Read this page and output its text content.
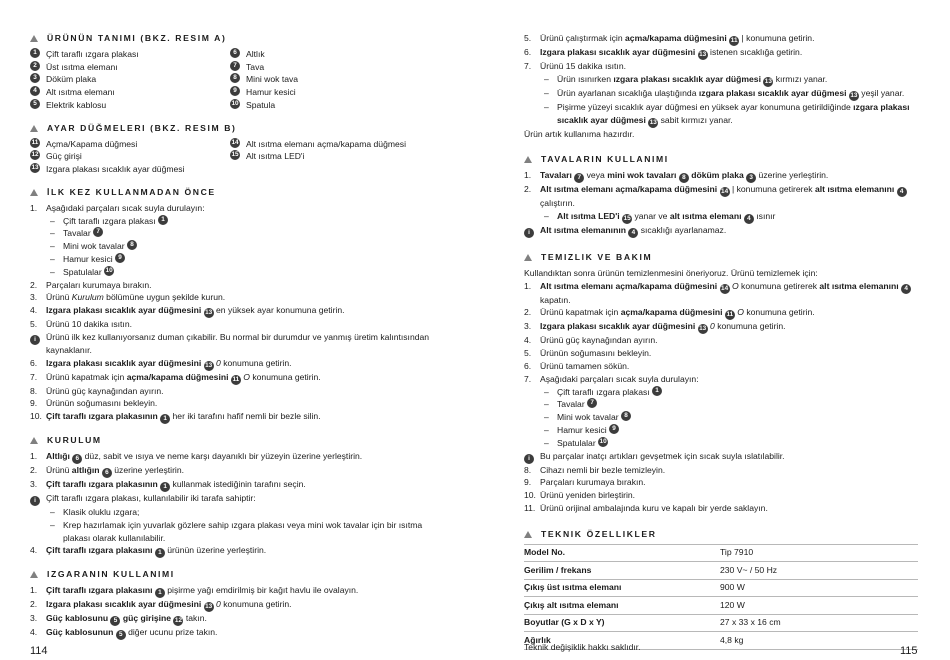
ÜRÜNÜN TANIMI (BKZ. RESIM A)
1	Çift taraflı ızgara plakası
2	Üst ısıtma elemanı
3	Döküm plaka
4	Alt ısıtma elemanı
5	Elektrik kablosu
6	Altlık
7	Tava
8	Mini wok tava
9	Hamur kesici
10 Spatula
AYAR DÜĞMELERI (BKZ. RESIM B)
11 Açma/Kapama düğmesi
12 Güç girişi
13 Izgara plakası sıcaklık ayar düğmesi
14 Alt ısıtma elemanı açma/kapama düğmesi
15 Alt ısıtma LED'i
İLK KEZ KULLANMADAN ÖNCE
1.	Aşağıdaki parçaları sıcak suyla durulayın:
– Çift taraflı ızgara plakası
1
– Tavalar
7
– Mini wok tavalar
8
– Hamur kesici
9
– Spatulalar
10
2.	Parçaları kurumaya bırakın.
3.	Ürünü Kurulum bölümüne uygun şekilde kurun.
4.	Izgara plakası sıcaklık ayar düğmesini 13 en yüksek ayar konumuna getirin.
5.	Ürünü 10 dakika ısıtın.
i	Ürünü ilk kez kullanıyorsanız duman çıkabilir. Bu normal bir durumdur ve yanmış üretim kalıntısından kaynaklanır.
6.	Izgara plakası sıcaklık ayar düğmesini 13 0 konumuna getirin.
7.	Ürünü kapatmak için açma/kapama düğmesini 11 O konumuna getirin.
8.	Ürünü güç kaynağından ayırın.
9.	Ürünün soğumasını bekleyin.
10. Çift taraflı ızgara plakasının 1 her iki tarafını hafif nemli bir bezle silin.
KURULUM
1.	Altlığı 6 düz, sabit ve ısıya ve neme karşı dayanıklı bir yüzeyin üzerine yerleştirin.
2.	Ürünü altlığın 6 üzerine yerleştirin.
3.	Çift taraflı ızgara plakasının 1 kullanmak istediğinin tarafını seçin.
i	Çift taraflı ızgara plakası, kullanılabilir iki tarafa sahiptir:
– Klasik oluklu ızgara;
– Krep hazırlamak için yuvarlak gözlere sahip ızgara plakası veya mini wok tavalar için bir ısıtma plakası olarak kullanılabilir.
4.	Çift taraflı ızgara plakasını 1 ürünün üzerine yerleştirin.
IZGARANIN KULLANIMI
1.	Çift taraflı ızgara plakasını 1 pişirme yağı emdirilmiş bir kağıt havlu ile ovalayın.
2.	Izgara plakası sıcaklık ayar düğmesini 13 0 konumuna getirin.
3.	Güç kablosunu 5 güç girişine 12 takın.
4.	Güç kablosunun 5 diğer ucunu prize takın.
5.	Ürünü çalıştırmak için açma/kapama düğmesini 11 | konumuna getirin.
6.	Izgara plakası sıcaklık ayar düğmesini 13 istenen sıcaklığa getirin.
7.	Ürünü 15 dakika ısıtın.
– Ürün ısınırken ızgara plakası sıcaklık ayar düğmesi 13 kırmızı yanar.
– Ürün ayarlanan sıcaklığa ulaştığında ızgara plakası sıcaklık ayar düğmesi 13 yeşil yanar.
– Pişirme yüzeyi sıcaklık ayar düğmesi en yüksek ayar konumuna getirildiğinde ızgara plakası sıcaklık ayar düğmesi 13 sabit kırmızı yanar.
Ürün artık kullanıma hazırdır.
TAVALARIN KULLANIMI
1.	Tavaları 7 veya mini wok tavaları 8 döküm plaka 3 üzerine yerleştirin.
2.	Alt ısıtma elemanı açma/kapama düğmesini 14 | konumuna getirerek alt ısıtma elemanını 4 çalıştırın.
– Alt ısıtma LED'i 15 yanar ve alt ısıtma elemanı 4 ısınır
i	Alt ısıtma elemanının 4 sıcaklığı ayarlanamaz.
TEMIZLIK VE BAKIM
Kullandıktan sonra ürünün temizlenmesini öneriyoruz. Ürünü temizlemek için:
1.	Alt ısıtma elemanı açma/kapama düğmesini 14 O konumuna getirerek alt ısıtma elemanını 4 kapatın.
2.	Ürünü kapatmak için açma/kapama düğmesini 11 O konumuna getirin.
3.	Izgara plakası sıcaklık ayar düğmesini 13 0 konumuna getirin.
4.	Ürünü güç kaynağından ayırın.
5.	Ürünün soğumasını bekleyin.
6.	Ürünü tamamen sökün.
7.	Aşağıdaki parçaları sıcak suyla durulayın:
– Çift taraflı ızgara plakası
1
– Tavalar
7
– Mini wok tavalar
8
– Hamur kesici
9
– Spatulalar
10
i	Bu parçalar inatçı artıkları gevşetmek için sıcak suyla ıslatılabilir.
8.	Cihazı nemli bir bezle temizleyin.
9.	Parçaları kurumaya bırakın.
10. Ürünü yeniden birleştirin.
11. Ürünü orijinal ambalajında kuru ve kapalı bir yerde saklayın.
TEKNIK ÖZELLIKLER
Model No.	Tip 7910
Gerilim / frekans	230 V~ / 50 Hz
Çıkış üst ısıtma elemanı	900 W
Çıkış alt ısıtma elemanı	120 W
Boyutlar (G x D x Y)	27 x 33 x 16 cm
Ağırlık	4,8 kg
Teknik değişiklik hakkı saklıdır.
114	115
